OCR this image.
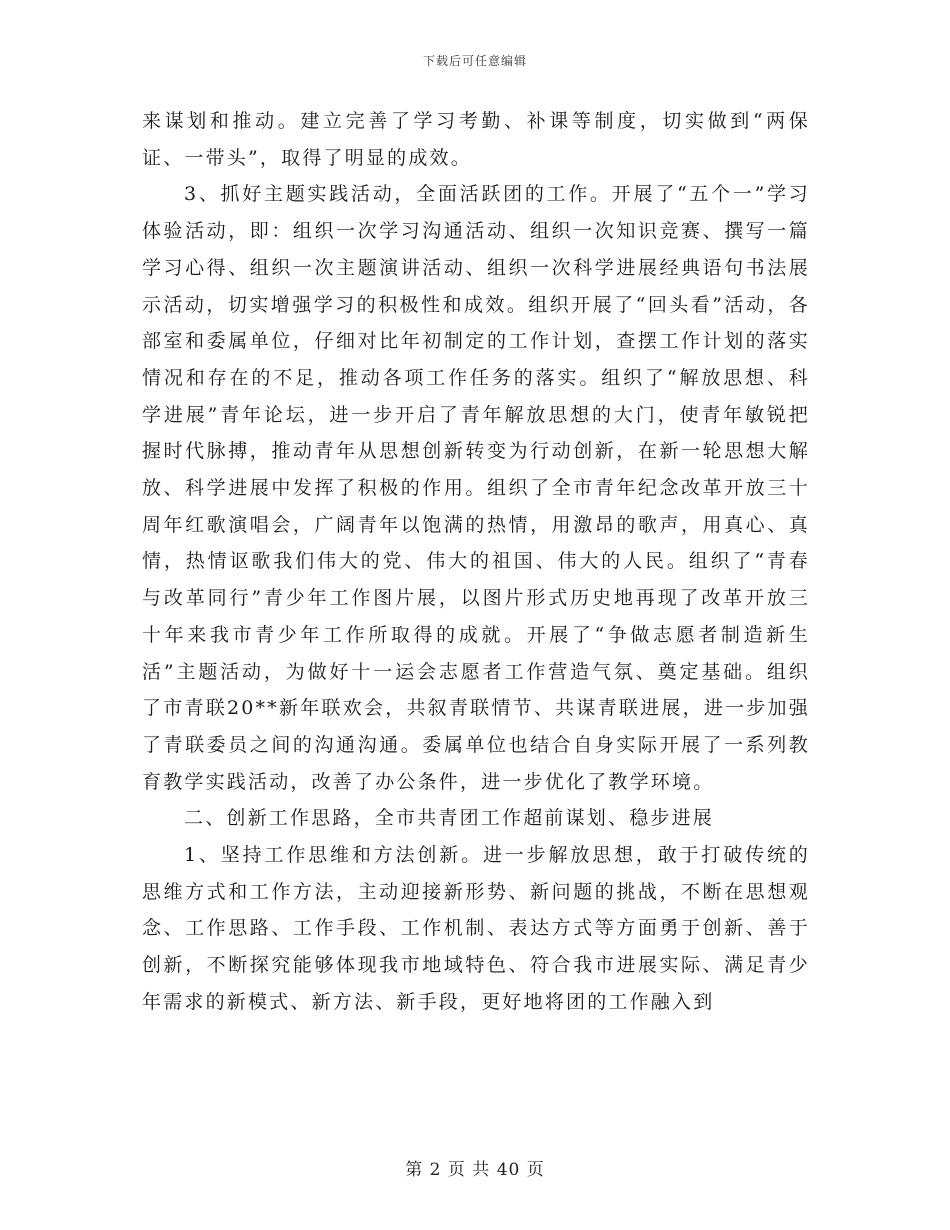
下载后可任意编辑

来谋划和推动。建立完善了学习考勤、补课等制度，切实做到“两保证、一带头”，取得了明显的成效。

3、抓好主题实践活动，全面活跃团的工作。开展了“五个一”学习体验活动，即：组织一次学习沟通活动、组织一次知识竞赛、撰写一篇学习心得、组织一次主题演讲活动、组织一次科学进展经典语句书法展示活动，切实增强学习的积极性和成效。组织开展了“回头看”活动，各部室和委属单位，仔细对比年初制定的工作计划，查摆工作计划的落实情况和存在的不足，推动各项工作任务的落实。组织了“解放思想、科学进展”青年论坛，进一步开启了青年解放思想的大门，使青年敏锐把握时代脉搏，推动青年从思想创新转变为行动创新，在新一轮思想大解放、科学进展中发挥了积极的作用。组织了全市青年纪念改革开放三十周年红歌演唱会，广阔青年以饱满的热情，用激昂的歌声，用真心、真情，热情讴歌我们伟大的党、伟大的祖国、伟大的人民。组织了“青春与改革同行”青少年工作图片展，以图片形式历史地再现了改革开放三十年来我市青少年工作所取得的成就。开展了“争做志愿者制造新生活”主题活动，为做好十一运会志愿者工作营造气氛、奠定基础。组织了市青联20**新年联欢会，共叙青联情节、共谋青联进展，进一步加强了青联委员之间的沟通沟通。委属单位也结合自身实际开展了一系列教育教学实践活动，改善了办公条件，进一步优化了教学环境。

二、创新工作思路，全市共青团工作超前谋划、稳步进展

1、坚持工作思维和方法创新。进一步解放思想，敢于打破传统的思维方式和工作方法，主动迎接新形势、新问题的挑战，不断在思想观念、工作思路、工作手段、工作机制、表达方式等方面勇于创新、善于创新，不断探究能够体现我市地域特色、符合我市进展实际、满足青少年需求的新模式、新方法、新手段，更好地将团的工作融入到

第 2 页 共 40 页
